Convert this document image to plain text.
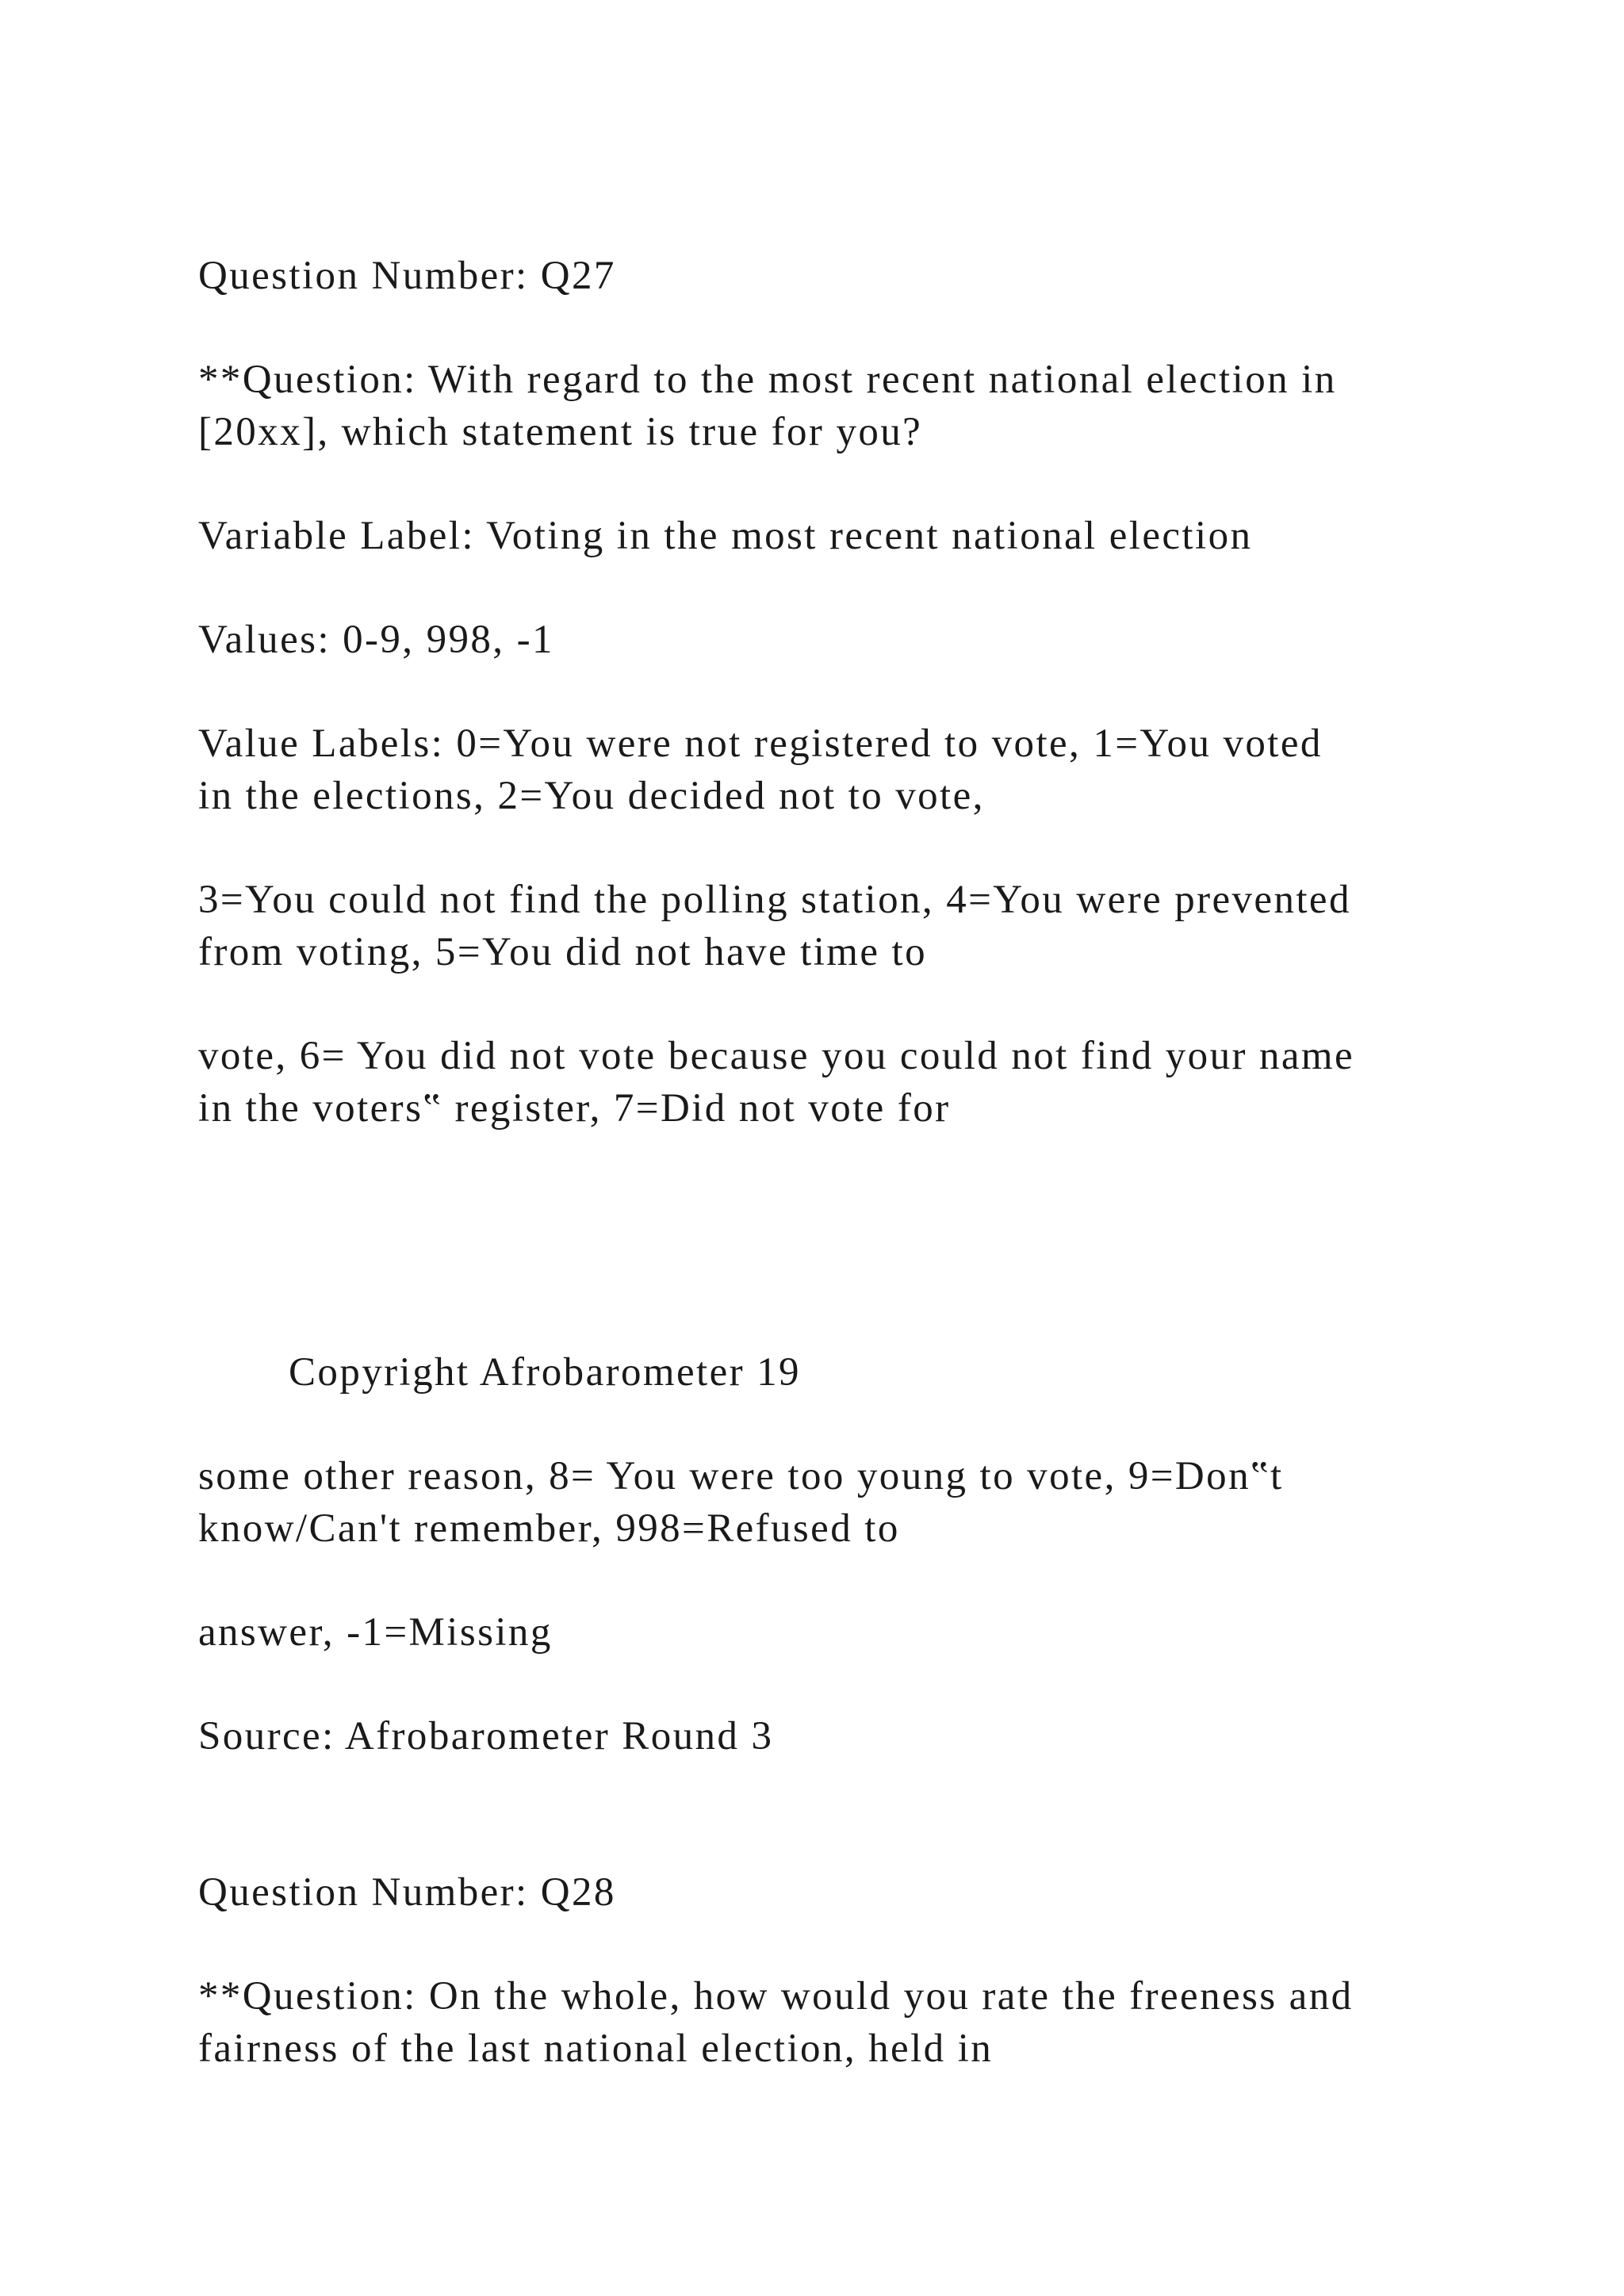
Question Number: Q27

**Question: With regard to the most recent national election in

[20xx], which statement is true for you?

Variable Label: Voting in the most recent national election

Values: 0-9, 998, -1

Value Labels: 0=You were not registered to vote, 1=You voted

in the elections, 2=You decided not to vote,

3=You could not find the polling station, 4=You were prevented

from voting, 5=You did not have time to

vote, 6= You did not vote because you could not find your name

in the voters‟ register, 7=Did not vote for

Copyright Afrobarometer 19

some other reason, 8= You were too young to vote, 9=Don‟t

know/Can't remember, 998=Refused to

answer, -1=Missing

Source: Afrobarometer Round 3

Question Number: Q28

**Question: On the whole, how would you rate the freeness and

fairness of the last national election, held in
